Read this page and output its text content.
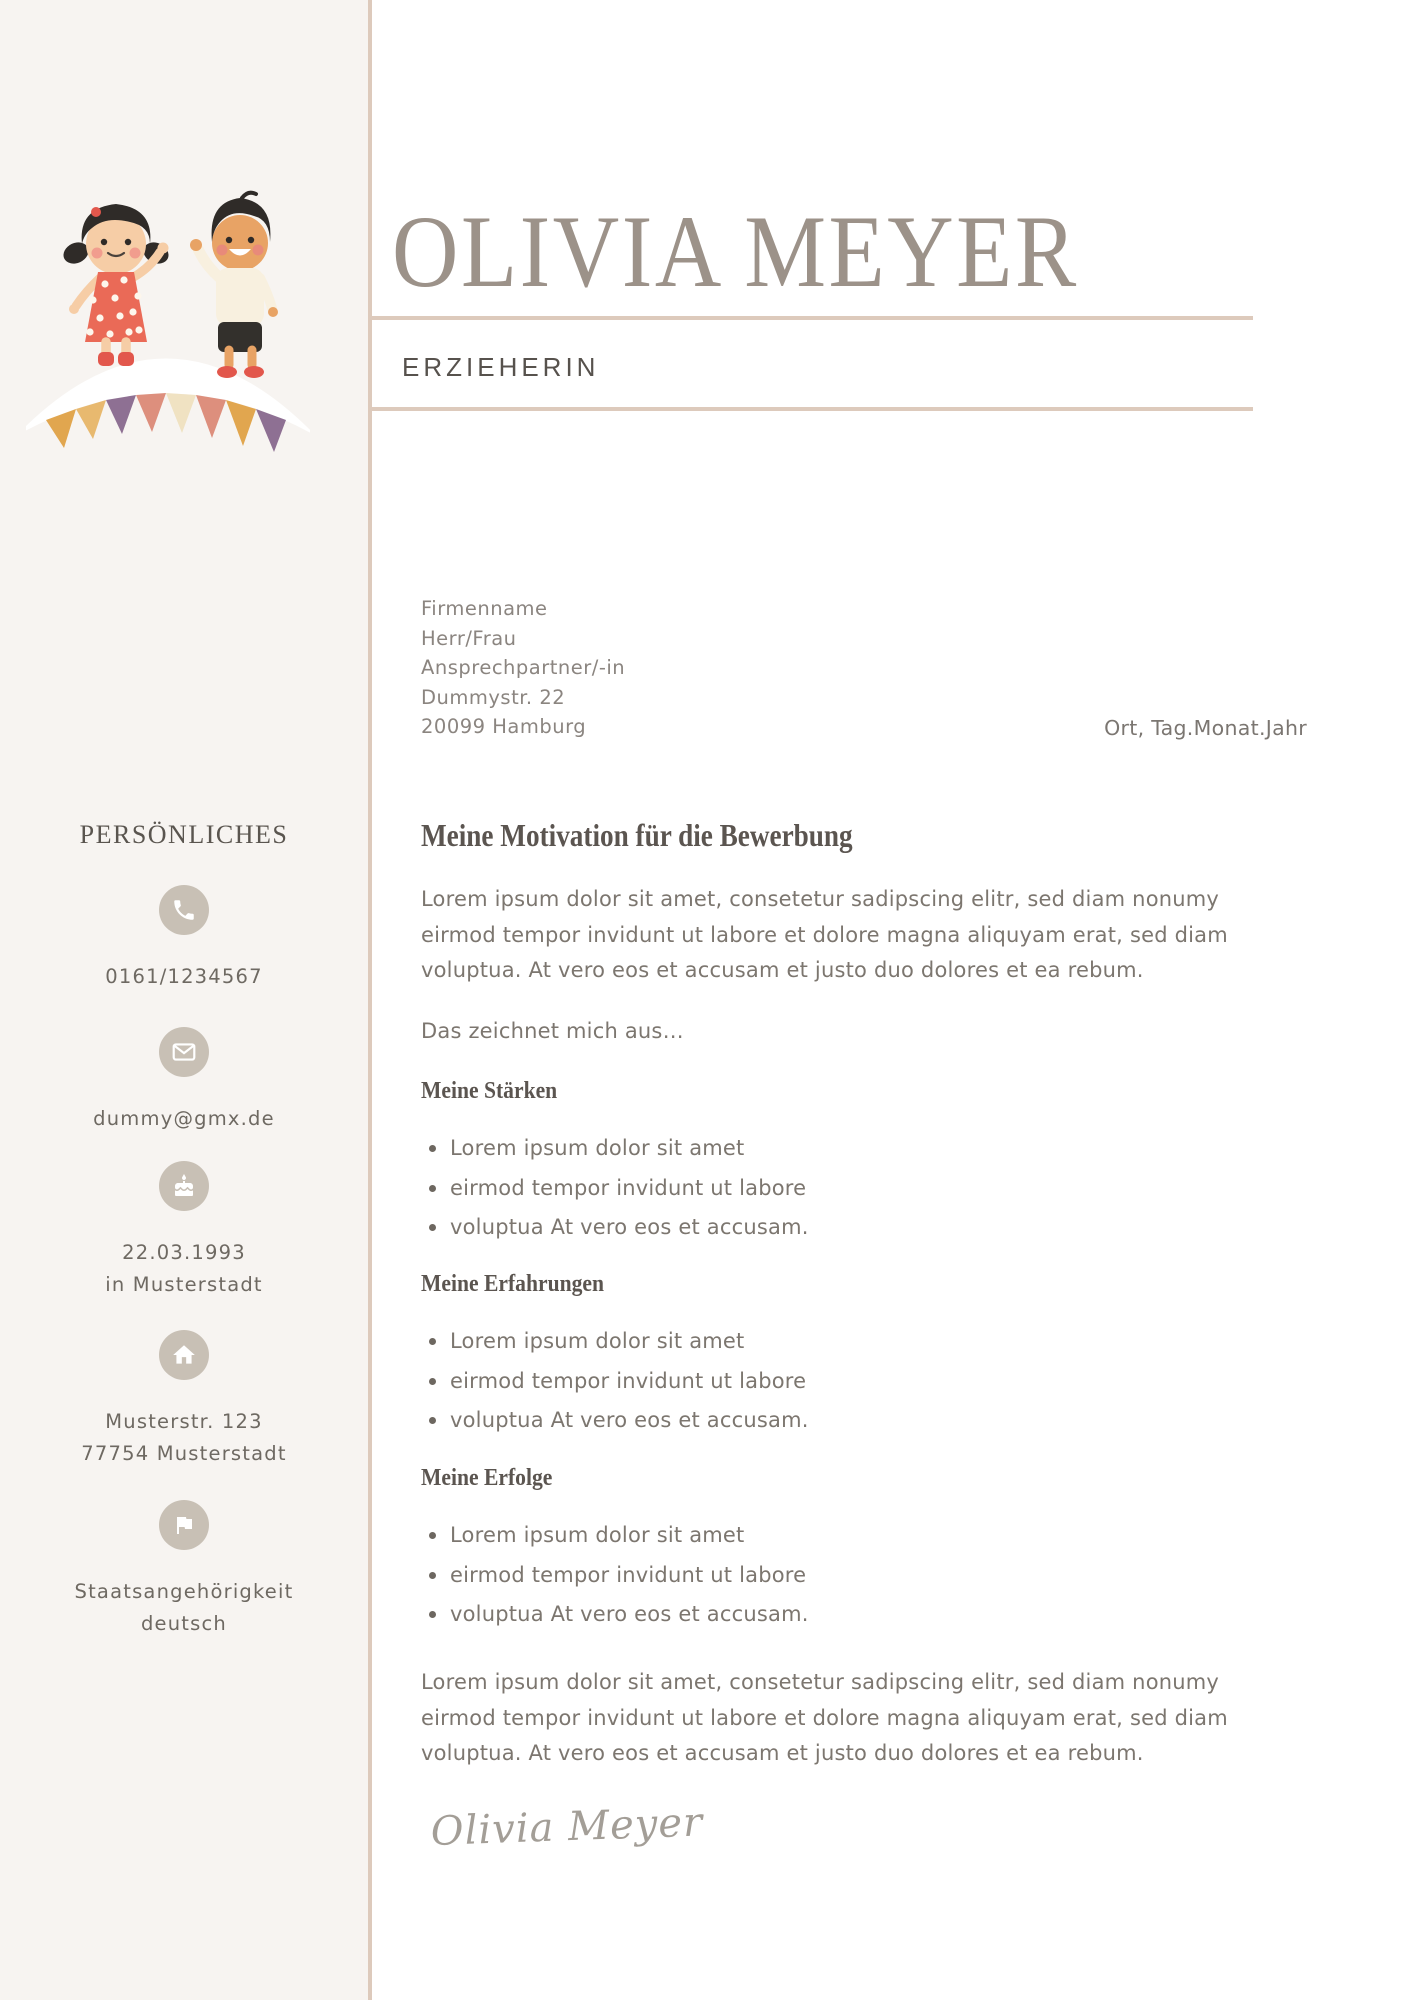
PERSÖNLICHES
0161/1234567
dummy@gmx.de
22.03.1993
in Musterstadt
Musterstr. 123
77754 Musterstadt
Staatsangehörigkeit
deutsch
OLIVIA MEYER
ERZIEHERIN
Firmenname
Herr/Frau
Ansprechpartner/-in
Dummystr. 22
20099 Hamburg	Ort, Tag.Monat.Jahr
Meine Motivation für die Bewerbung
Lorem ipsum dolor sit amet, consetetur sadipscing elitr, sed diam nonumy
eirmod tempor invidunt ut labore et dolore magna aliquyam erat, sed diam
voluptua. At vero eos et accusam et justo duo dolores et ea rebum.
Das zeichnet mich aus…
Meine Stärken
Lorem ipsum dolor sit amet
eirmod tempor invidunt ut labore
voluptua At vero eos et accusam.
Meine Erfahrungen
Lorem ipsum dolor sit amet
eirmod tempor invidunt ut labore
voluptua At vero eos et accusam.
Meine Erfolge
Lorem ipsum dolor sit amet
eirmod tempor invidunt ut labore
voluptua At vero eos et accusam.
Lorem ipsum dolor sit amet, consetetur sadipscing elitr, sed diam nonumy
eirmod tempor invidunt ut labore et dolore magna aliquyam erat, sed diam
voluptua. At vero eos et accusam et justo duo dolores et ea rebum.
Olivia Meyer
